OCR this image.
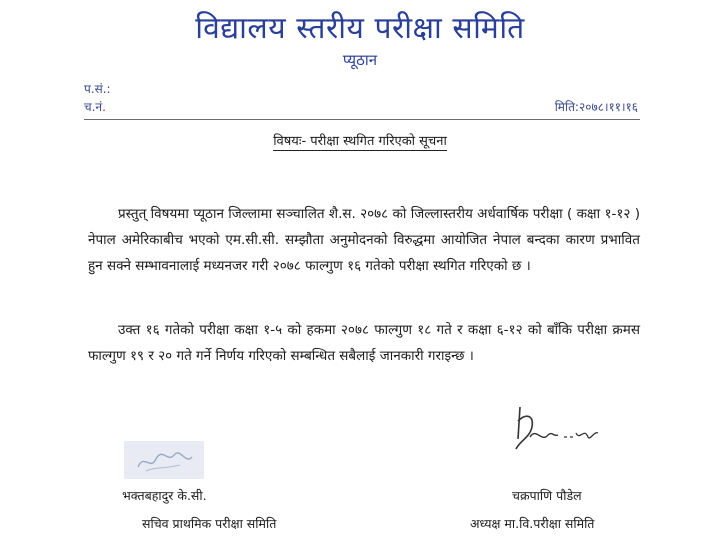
विद्यालय स्तरीय परीक्षा समिति
प्यूठान
प.सं.:
च.नं.	मिति:२०७८।११।१६
विषयः- परीक्षा स्थगित गरिएको सूचना
प्रस्तुत् विषयमा प्यूठान जिल्लामा सञ्चालित शै.स. २०७८ को जिल्लास्तरीय अर्धवार्षिक परीक्षा ( कक्षा १-१२ ) नेपाल अमेरिकाबीच भएको एम.सी.सी. सम्झौता अनुमोदनको विरुद्धमा आयोजित नेपाल बन्दका कारण प्रभावित हुन सक्ने सम्भावनालाई मध्यनजर गरी २०७८ फाल्गुण १६ गतेको परीक्षा स्थगित गरिएको छ ।
उक्त १६ गतेको परीक्षा कक्षा १-५ को हकमा २०७८ फाल्गुण १८ गते र कक्षा ६-१२ को बाँकि परीक्षा क्रमस फाल्गुण १९ र २० गते गर्ने निर्णय गरिएको सम्बन्धित सबैलाई जानकारी गराइन्छ ।
भक्तबहादुर के.सी.	चक्रपाणि पौडेल
सचिव प्राथमिक परीक्षा समिति	अध्यक्ष मा.वि.परीक्षा समिति
